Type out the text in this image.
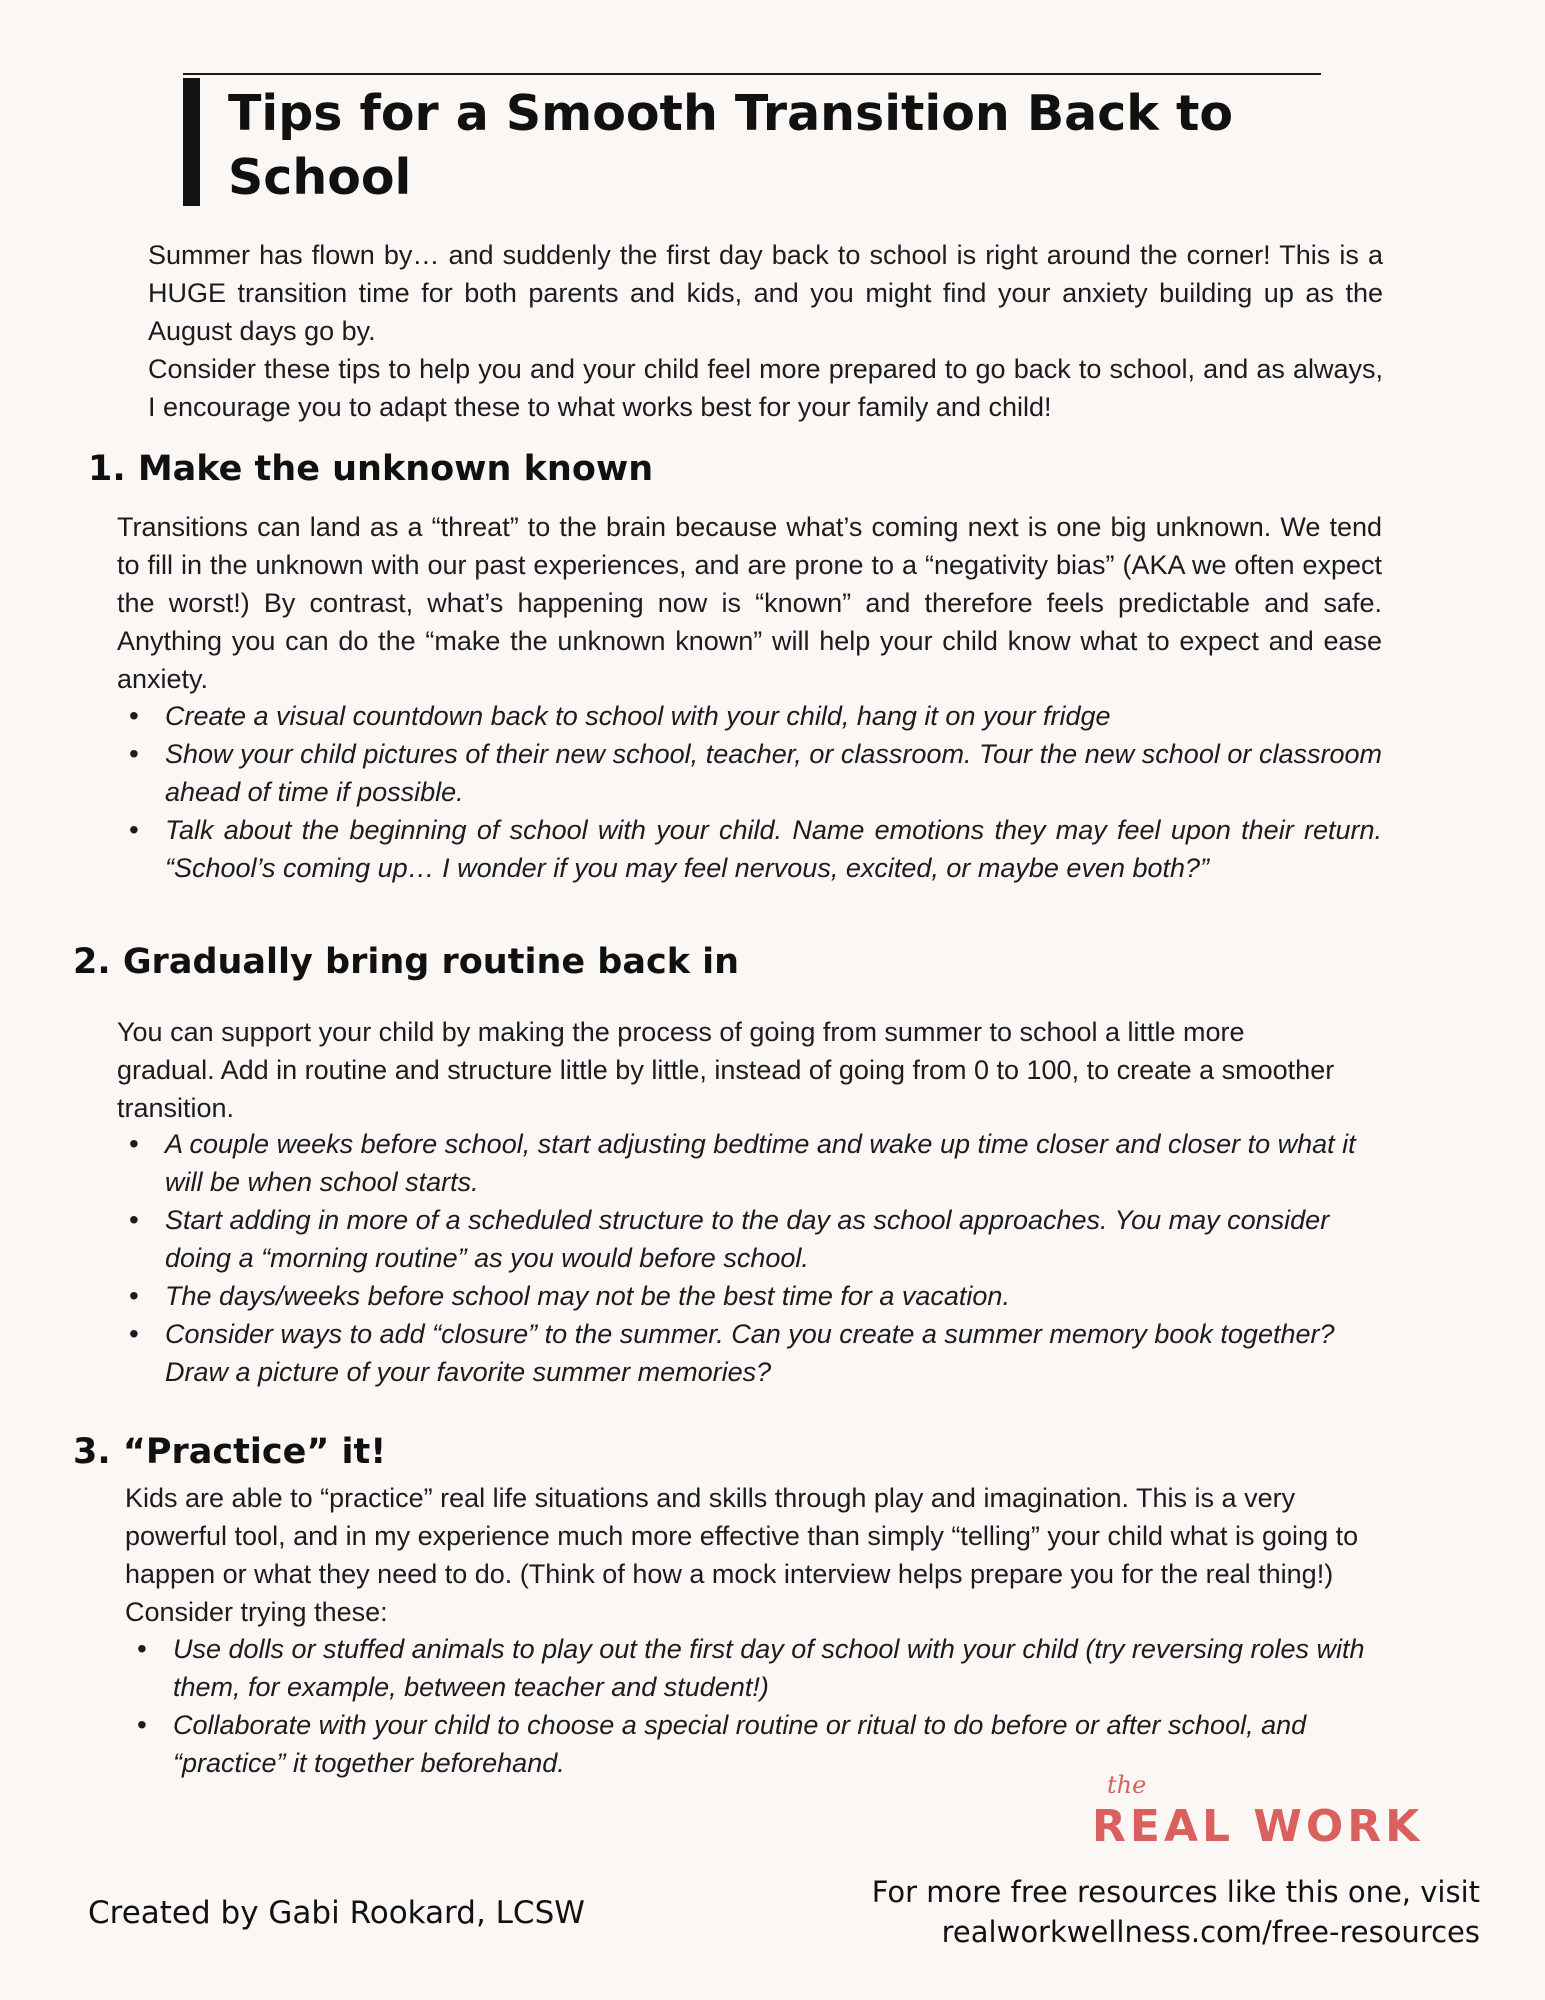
Tips for a Smooth Transition Back to School

Summer has flown by… and suddenly the first day back to school is right around the corner! This is a HUGE transition time for both parents and kids, and you might find your anxiety building up as the August days go by.

Consider these tips to help you and your child feel more prepared to go back to school, and as always, I encourage you to adapt these to what works best for your family and child!

1. Make the unknown known

Transitions can land as a “threat” to the brain because what’s coming next is one big unknown. We tend to fill in the unknown with our past experiences, and are prone to a “negativity bias” (AKA we often expect the worst!) By contrast, what’s happening now is “known” and therefore feels predictable and safe. Anything you can do the “make the unknown known” will help your child know what to expect and ease anxiety.

• Create a visual countdown back to school with your child, hang it on your fridge
• Show your child pictures of their new school, teacher, or classroom. Tour the new school or classroom ahead of time if possible.
• Talk about the beginning of school with your child. Name emotions they may feel upon their return. “School’s coming up… I wonder if you may feel nervous, excited, or maybe even both?”
2. Gradually bring routine back in

You can support your child by making the process of going from summer to school a little more gradual. Add in routine and structure little by little, instead of going from 0 to 100, to create a smoother transition.

• A couple weeks before school, start adjusting bedtime and wake up time closer and closer to what it will be when school starts.
• Start adding in more of a scheduled structure to the day as school approaches. You may consider doing a “morning routine” as you would before school.
• The days/weeks before school may not be the best time for a vacation.
• Consider ways to add “closure” to the summer. Can you create a summer memory book together? Draw a picture of your favorite summer memories?
3. “Practice” it!

Kids are able to “practice” real life situations and skills through play and imagination. This is a very powerful tool, and in my experience much more effective than simply “telling” your child what is going to happen or what they need to do. (Think of how a mock interview helps prepare you for the real thing!) Consider trying these:

• Use dolls or stuffed animals to play out the first day of school with your child (try reversing roles with them, for example, between teacher and student!)
• Collaborate with your child to choose a special routine or ritual to do before or after school, and “practice” it together beforehand.
the
REAL WORK

Created by Gabi Rookard, LCSW

For more free resources like this one, visit
realworkwellness.com/free-resources
